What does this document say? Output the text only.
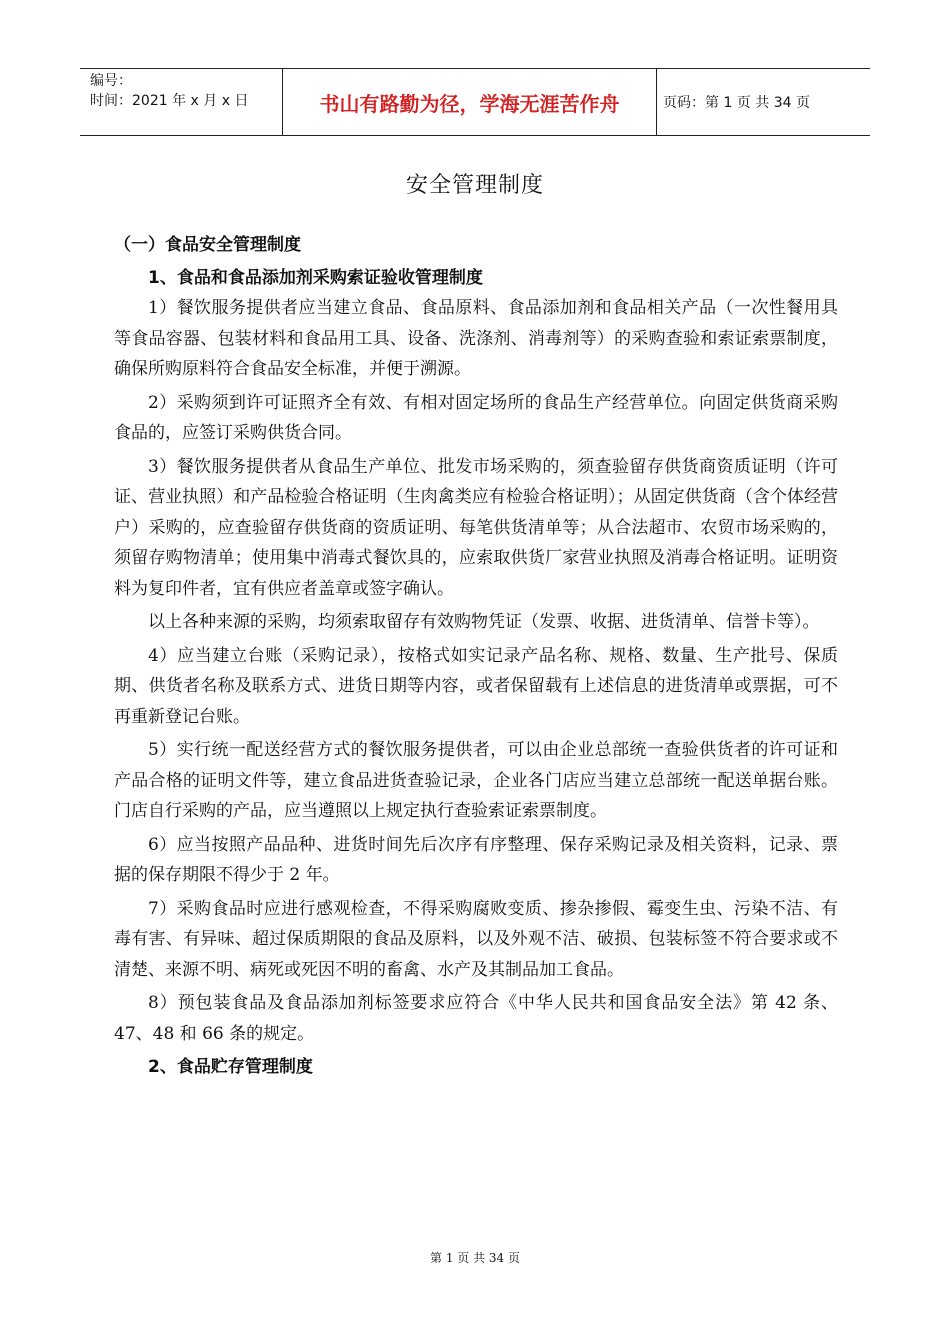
编号：
时间：2021 年 x 月 x 日	书山有路勤为径，学海无涯苦作舟	页码：第 1 页 共 34 页
安全管理制度

（一）食品安全管理制度

1、食品和食品添加剂采购索证验收管理制度

1）餐饮服务提供者应当建立食品、食品原料、食品添加剂和食品相关产品（一次性餐用具等食品容器、包装材料和食品用工具、设备、洗涤剂、消毒剂等）的采购查验和索证索票制度，确保所购原料符合食品安全标准，并便于溯源。

2）采购须到许可证照齐全有效、有相对固定场所的食品生产经营单位。向固定供货商采购食品的，应签订采购供货合同。

3）餐饮服务提供者从食品生产单位、批发市场采购的，须查验留存供货商资质证明（许可证、营业执照）和产品检验合格证明（生肉禽类应有检验合格证明）；从固定供货商（含个体经营户）采购的，应查验留存供货商的资质证明、每笔供货清单等；从合法超市、农贸市场采购的，须留存购物清单；使用集中消毒式餐饮具的，应索取供货厂家营业执照及消毒合格证明。证明资料为复印件者，宜有供应者盖章或签字确认。

以上各种来源的采购，均须索取留存有效购物凭证（发票、收据、进货清单、信誉卡等）。

4）应当建立台账（采购记录），按格式如实记录产品名称、规格、数量、生产批号、保质期、供货者名称及联系方式、进货日期等内容，或者保留载有上述信息的进货清单或票据，可不再重新登记台账。

5）实行统一配送经营方式的餐饮服务提供者，可以由企业总部统一查验供货者的许可证和产品合格的证明文件等，建立食品进货查验记录，企业各门店应当建立总部统一配送单据台账。门店自行采购的产品，应当遵照以上规定执行查验索证索票制度。

6）应当按照产品品种、进货时间先后次序有序整理、保存采购记录及相关资料，记录、票据的保存期限不得少于 2 年。

7）采购食品时应进行感观检查，不得采购腐败变质、掺杂掺假、霉变生虫、污染不洁、有毒有害、有异味、超过保质期限的食品及原料，以及外观不洁、破损、包装标签不符合要求或不清楚、来源不明、病死或死因不明的畜禽、水产及其制品加工食品。

8）预包装食品及食品添加剂标签要求应符合《中华人民共和国食品安全法》第 42 条、47、48 和 66 条的规定。

2、食品贮存管理制度

第 1 页 共 34 页
